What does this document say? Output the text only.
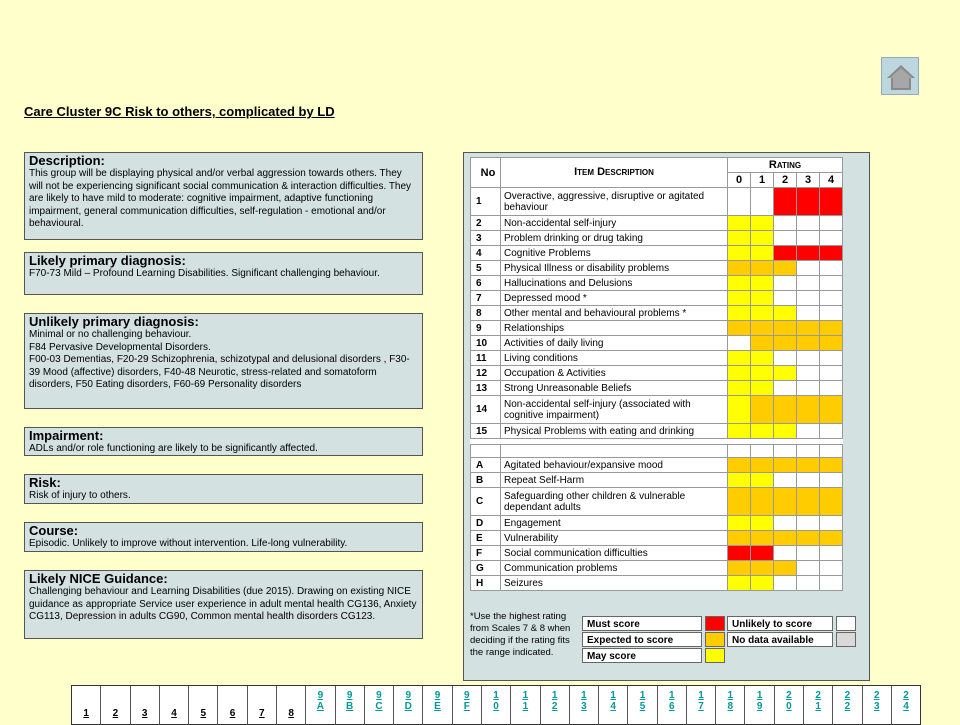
Care Cluster 9C Risk to others, complicated by LD
Description:
This group will be displaying physical and/or verbal aggression towards others. They will not be experiencing significant social communication & interaction difficulties. They are likely to have mild to moderate: cognitive impairment, adaptive functioning impairment, general communication difficulties, self-regulation - emotional and/or behavioural.
Likely primary diagnosis:
F70-73 Mild – Profound Learning Disabilities. Significant challenging behaviour.
Unlikely primary diagnosis:
Minimal or no challenging behaviour.
F84 Pervasive Developmental Disorders.
F00-03 Dementias, F20-29 Schizophrenia, schizotypal and delusional disorders , F30-39 Mood (affective) disorders, F40-48 Neurotic, stress-related and somatoform disorders, F50 Eating disorders, F60-69 Personality disorders
Impairment:
ADLs and/or role functioning are likely to be significantly affected.
Risk:
Risk of injury to others.
Course:
Episodic. Unlikely to improve without intervention. Life-long vulnerability.
Likely NICE Guidance:
Challenging behaviour and Learning Disabilities (due 2015). Drawing on existing NICE guidance as appropriate Service user experience in adult mental health CG136, Anxiety CG113, Depression in adults CG90, Common mental health disorders CG123.
No	Item Description	Rating				
		0	1	2	3	4
1	Overactive, aggressive, disruptive or agitated behaviour					
2	Non-accidental self-injury					
3	Problem drinking or drug taking					
4	Cognitive Problems					
5	Physical Illness or disability problems					
6	Hallucinations and Delusions					
7	Depressed mood *					
8	Other mental and behavioural problems *					
9	Relationships					
10	Activities of daily living					
11	Living conditions					
12	Occupation & Activities					
13	Strong Unreasonable Beliefs					
14	Non-accidental self-injury (associated with cognitive impairment)					
15	Physical Problems with eating and drinking					

A	Agitated behaviour/expansive mood					
B	Repeat Self-Harm					
C	Safeguarding other children & vulnerable dependant adults					
D	Engagement					
E	Vulnerability					
F	Social communication difficulties					
G	Communication problems					
H	Seizures					
*Use the highest rating from Scales 7 & 8 when deciding if the rating fits the range indicated.
Must score
Expected to score
May score
Unlikely to score
No data available
1	2	3	4	5	6	7	8
9
A
9
B
9
C
9
D
9
E
9
F
1
0
1
1
1
2
1
3
1
4
1
5
1
6
1
7
1
8
1
9
2
0
2
1
2
2
2
3
2
4
